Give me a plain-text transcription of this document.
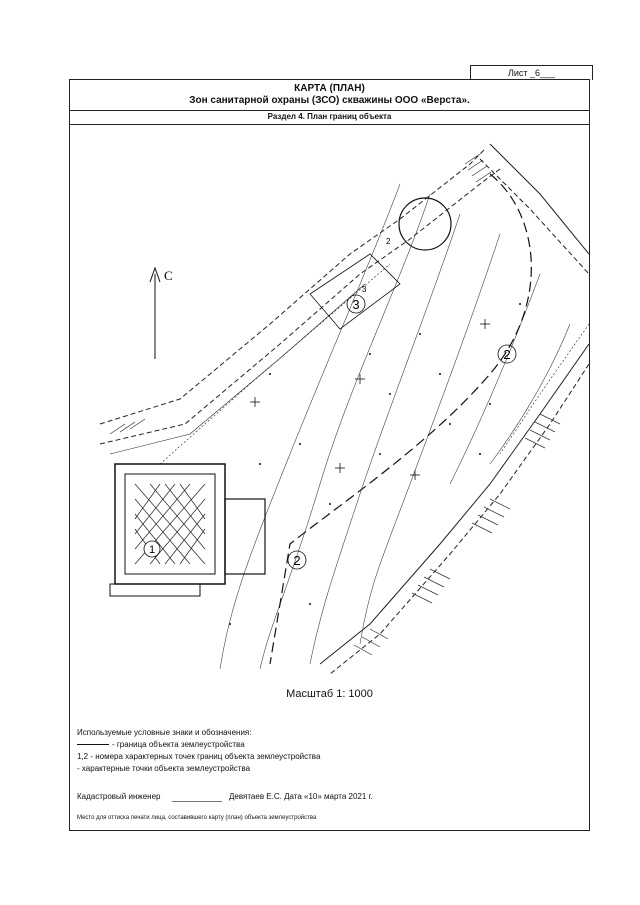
Лист _6___
КАРТА (ПЛАН)
Зон санитарной охраны (ЗСО) скважины ООО «Верста».
Раздел 4. План границ объекта
С
1
2
2
3
2
3
Масштаб 1: 1000
Используемые условные знаки и обозначения:
- граница объекта землеустройства
1,2 - номера характерных точек границ объекта землеустройства
- характерные точки объекта землеустройства
Кадастровый инженер	Девятаев Е.С. Дата «10» марта 2021 г.
Место для оттиска печати лица, составившего карту (план) объекта землеустройства
